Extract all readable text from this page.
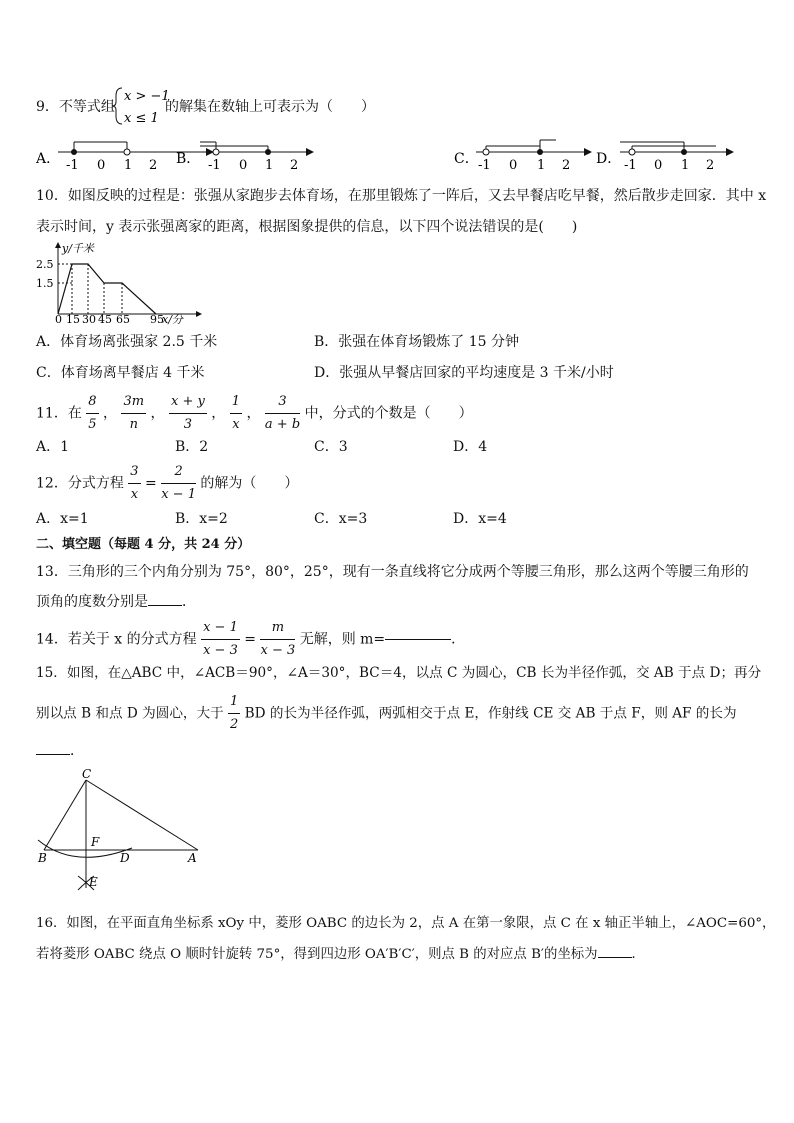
9．不等式组
x > −1
x ≤ 1
的解集在数轴上可表示为（　　）
A． -1 0 1 2 B． -1 0 1 2	C． -1 0 1 2 D． -1 0 1 2
10．如图反映的过程是：张强从家跑步去体育场，在那里锻炼了一阵后，又去早餐店吃早餐，然后散步走回家．其中 x
表示时间，y 表示张强离家的距离，根据图象提供的信息，以下四个说法错误的是(　　)
y/千米
x/分
2.5
1.5
0 15 30 45 65 95
A．体育场离张强家 2.5 千米	B．张强在体育场锻炼了 15 分钟
C．体育场离早餐店 4 千米	D．张强从早餐店回家的平均速度是 3 千米/小时
11．在 $\frac{8}{5}$ ， $\frac{3m}{n}$ ， $\frac{x + y}{3}$ ， $\frac{1}{x}$ ， $\frac{3}{a + b}$ 中，分式的个数是（　　）
A．1	B．2	C．3	D．4
12．分式方程 $\frac{3}{x} = \frac{2}{x - 1}$ 的解为（　　）
A．x=1	B．x=2	C．x=3	D．x=4
二、填空题（每题 4 分，共 24 分）
13．三角形的三个内角分别为 75°，80°，25°，现有一条直线将它分成两个等腰三角形，那么这两个等腰三角形的
顶角的度数分别是 ．
14．若关于 x 的分式方程 $\frac{x - 1}{x - 3} = \frac{m}{x - 3}$ 无解，则 m=	．
15．如图，在△ABC 中，∠ACB＝90°，∠A＝30°，BC＝4，以点 C 为圆心，CB 长为半径作弧，交 AB 于点 D；再分
别以点 B 和点 D 为圆心，大于 $\frac{1}{2}$ BD 的长为半径作弧，两弧相交于点 E，作射线 CE 交 AB 于点 F，则 AF 的长为
．
C
F
B	D	A
E
16．如图，在平面直角坐标系 xOy 中，菱形 OABC 的边长为 2，点 A 在第一象限，点 C 在 x 轴正半轴上，∠AOC=60°，
若将菱形 OABC 绕点 O 顺时针旋转 75°，得到四边形 OA′B′C′，则点 B 的对应点 B′的坐标为	．
